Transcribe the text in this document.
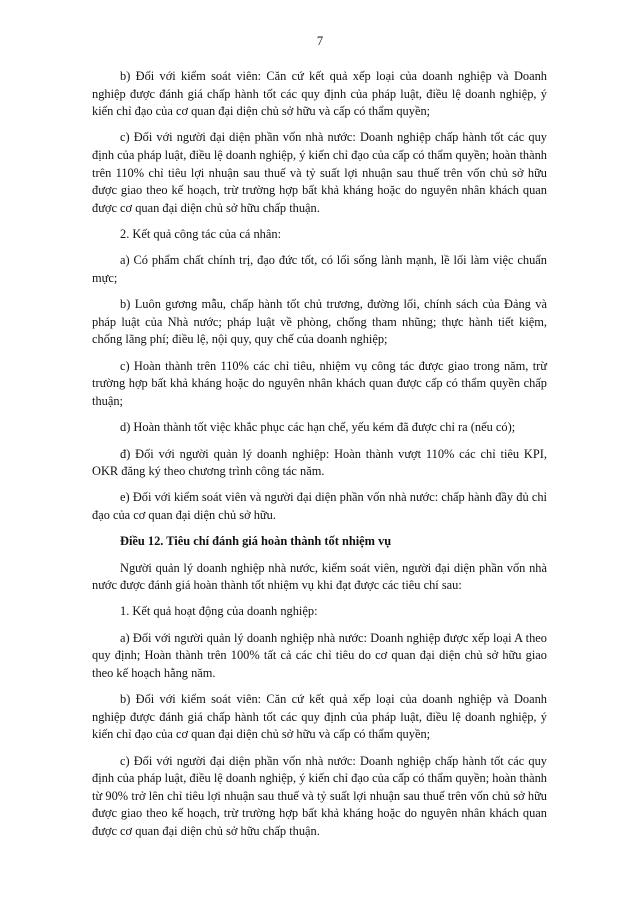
7

b) Đối với kiểm soát viên: Căn cứ kết quả xếp loại của doanh nghiệp và Doanh nghiệp được đánh giá chấp hành tốt các quy định của pháp luật, điều lệ doanh nghiệp, ý kiến chỉ đạo của cơ quan đại diện chủ sở hữu và cấp có thẩm quyền;

c) Đối với người đại diện phần vốn nhà nước: Doanh nghiệp chấp hành tốt các quy định của pháp luật, điều lệ doanh nghiệp, ý kiến chỉ đạo của cấp có thẩm quyền; hoàn thành trên 110% chỉ tiêu lợi nhuận sau thuế và tỷ suất lợi nhuận sau thuế trên vốn chủ sở hữu được giao theo kế hoạch, trừ trường hợp bất khả kháng hoặc do nguyên nhân khách quan được cơ quan đại diện chủ sở hữu chấp thuận.

2. Kết quả công tác của cá nhân:

a) Có phẩm chất chính trị, đạo đức tốt, có lối sống lành mạnh, lề lối làm việc chuẩn mực;

b) Luôn gương mẫu, chấp hành tốt chủ trương, đường lối, chính sách của Đảng và pháp luật của Nhà nước; pháp luật về phòng, chống tham nhũng; thực hành tiết kiệm, chống lãng phí; điều lệ, nội quy, quy chế của doanh nghiệp;

c) Hoàn thành trên 110% các chỉ tiêu, nhiệm vụ công tác được giao trong năm, trừ trường hợp bất khả kháng hoặc do nguyên nhân khách quan được cấp có thẩm quyền chấp thuận;

d) Hoàn thành tốt việc khắc phục các hạn chế, yếu kém đã được chỉ ra (nếu có);

đ) Đối với người quản lý doanh nghiệp: Hoàn thành vượt 110% các chỉ tiêu KPI, OKR đăng ký theo chương trình công tác năm.

e) Đối với kiểm soát viên và người đại diện phần vốn nhà nước: chấp hành đầy đủ chỉ đạo của cơ quan đại diện chủ sở hữu.

Điều 12. Tiêu chí đánh giá hoàn thành tốt nhiệm vụ

Người quản lý doanh nghiệp nhà nước, kiểm soát viên, người đại diện phần vốn nhà nước được đánh giá hoàn thành tốt nhiệm vụ khi đạt được các tiêu chí sau:

1. Kết quả hoạt động của doanh nghiệp:

a) Đối với người quản lý doanh nghiệp nhà nước: Doanh nghiệp được xếp loại A theo quy định; Hoàn thành trên 100% tất cả các chỉ tiêu do cơ quan đại diện chủ sở hữu giao theo kế hoạch hằng năm.

b) Đối với kiểm soát viên: Căn cứ kết quả xếp loại của doanh nghiệp và Doanh nghiệp được đánh giá chấp hành tốt các quy định của pháp luật, điều lệ doanh nghiệp, ý kiến chỉ đạo của cơ quan đại diện chủ sở hữu và cấp có thẩm quyền;

c) Đối với người đại diện phần vốn nhà nước: Doanh nghiệp chấp hành tốt các quy định của pháp luật, điều lệ doanh nghiệp, ý kiến chỉ đạo của cấp có thẩm quyền; hoàn thành từ 90% trở lên chỉ tiêu lợi nhuận sau thuế và tỷ suất lợi nhuận sau thuế trên vốn chủ sở hữu được giao theo kế hoạch, trừ trường hợp bất khả kháng hoặc do nguyên nhân khách quan được cơ quan đại diện chủ sở hữu chấp thuận.
